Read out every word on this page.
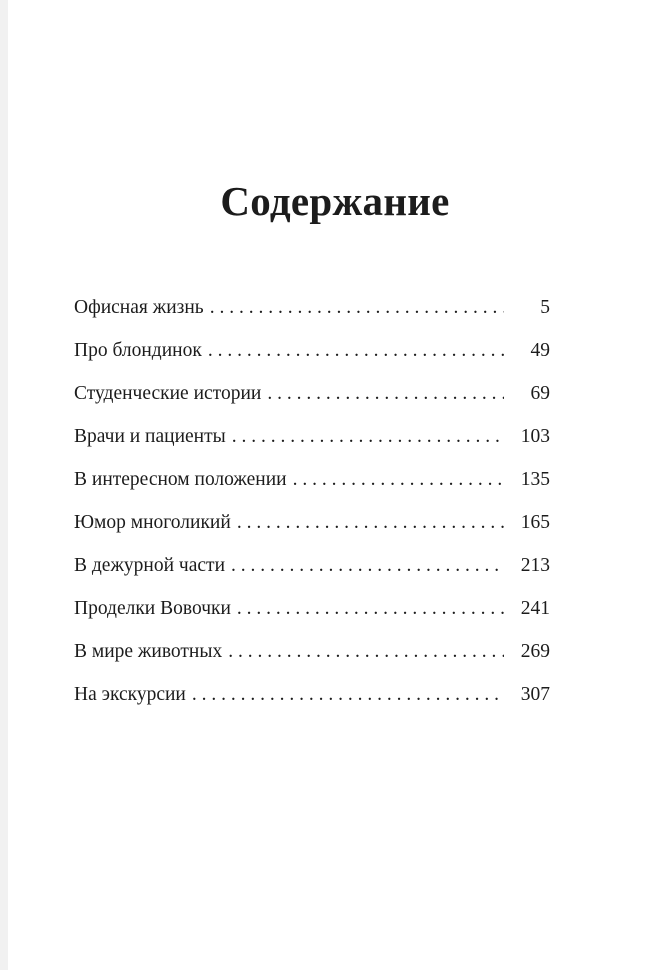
Содержание
Офисная жизнь . . .	5
Про блондинок . . .	49
Студенческие истории . . .	69
Врачи и пациенты . . .	103
В интересном положении . . .	135
Юмор многоликий . . .	165
В дежурной части . . .	213
Проделки Вовочки . . .	241
В мире животных . . .	269
На экскурсии . . .	307
